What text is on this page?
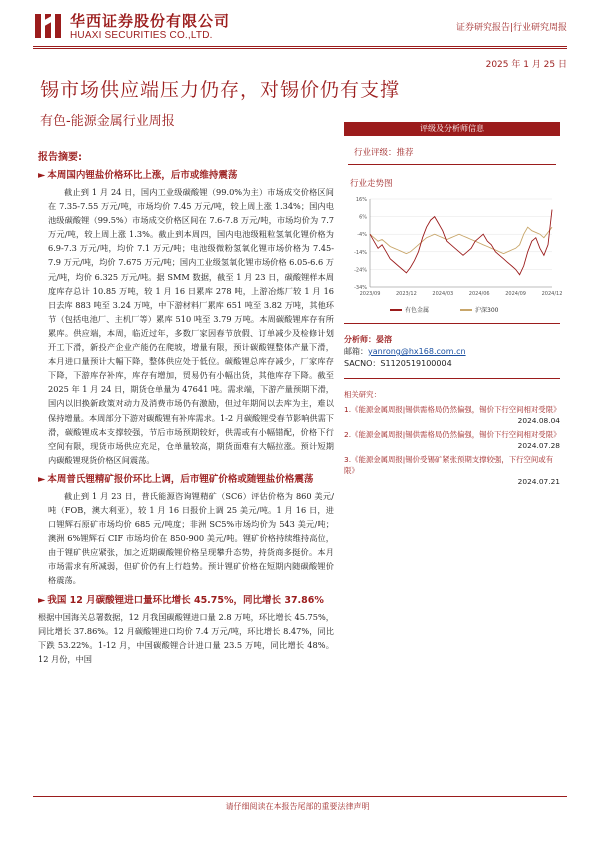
华西证券股份有限公司
HUAXI SECURITIES CO.,LTD.
证券研究报告|行业研究周报
2025 年 1 月 25 日
锡市场供应端压力仍存，对锡价仍有支撑
有色-能源金属行业周报
报告摘要:
► 本周国内锂盐价格环比上涨，后市或维持震荡

截止到 1 月 24 日，国内工业级碳酸锂（99.0%为主）市场成交价格区间在 7.35-7.55 万元/吨，市场均价 7.45 万元/吨，较上周上涨 1.34%；国内电池级碳酸锂（99.5%）市场成交价格区间在 7.6-7.8 万元/吨，市场均价为 7.7 万元/吨，较上周上涨 1.3%。截止到本周四，国内电池级粗粒氢氧化锂价格为 6.9-7.3 万元/吨，均价 7.1 万元/吨；电池级微粉氢氧化锂市场价格为 7.45-7.9 万元/吨，均价 7.675 万元/吨；国内工业级氢氧化锂市场价格 6.05-6.6 万元/吨，均价 6.325 万元/吨。据 SMM 数据，截至 1 月 23 日，碳酸锂样本周度库存总计 10.85 万吨，较 1 月 16 日累库 278 吨，上游冶炼厂较 1 月 16 日去库 883 吨至 3.24 万吨，中下游材料厂累库 651 吨至 3.82 万吨，其他环节（包括电池厂、主机厂等）累库 510 吨至 3.79 万吨。本周碳酸锂库存有所累库。供应端，本周，临近过年，多数厂家因春节放假、订单减少及检修计划开工下滑，新投产企业产能仍在爬坡，增量有限，预计碳酸锂整体产量下滑，本月进口量预计大幅下降，整体供应处于低位。碳酸锂总库存减少，厂家库存下降，下游库存补库，库存有增加，贸易仍有小幅出货，其他库存下降。截至 2025 年 1 月 24 日，期货仓单量为 47641 吨。需求端，下游产量预期下滑，国内以旧换新政策对动力及消费市场仍有激励，但过年期间以去库为主，难以保持增量。本周部分下游对碳酸锂有补库需求。1-2 月碳酸锂受春节影响供需下滑，碳酸锂成本支撑较强，节后市场预期较好，供需或有小幅错配，价格下行空间有限，现货市场供应充足，仓单量较高，期货面难有大幅拉涨。预计短期内碳酸锂现货价格区间震荡。

► 本周普氏锂精矿报价环比上调，后市锂矿价格或随锂盐价格震荡

截止到 1 月 23 日，普氏能源咨询锂精矿（SC6）评估价格为 860 美元/吨（FOB，澳大利亚），较 1 月 16 日报价上调 25 美元/吨。1 月 16 日，进口锂辉石原矿市场均价 685 元/吨度；非洲 SC5%市场均价为 543 美元/吨；澳洲 6%锂辉石 CIF 市场均价在 850-900 美元/吨。锂矿价格持续维持高位，由于锂矿供应紧张，加之近期碳酸锂价格呈现攀升态势，持货商多挺价。本月市场需求有所减弱，但矿价仍有上行趋势。预计锂矿价格在短期内随碳酸锂价格震荡。

► 我国 12 月碳酸锂进口量环比增长 45.75%，同比增长 37.86%

根据中国海关总署数据，12 月我国碳酸锂进口量 2.8 万吨，环比增长 45.75%，同比增长 37.86%。12 月碳酸锂进口均价 7.4 万元/吨，环比增长 8.47%，同比下跌 53.22%。1-12 月，中国碳酸锂合计进口量 23.5 万吨，同比增长 48%。12 月份，中国

评级及分析师信息
行业评级：推荐
行业走势图
16%
6%
-4%
-14%
-24%
-34%
2023/09	2023/12	2024/03	2024/06	2024/09	2024/12
有色金属	沪深300
分析师：晏溶
邮箱：yanrong@hx168.com.cn
SACNO：S1120519100004
相关研究：
1.《能源金属周报|锡供需格局仍然偏强，锡价下行空间相对受限》
2024.08.04
2.《能源金属周报|锡供需格局仍然偏强，锡价下行空间相对受限》
2024.07.28
3.《能源金属周报|锡价受锡矿紧张预期支撑较强，下行空间或有限》
2024.07.21
请仔细阅读在本报告尾部的重要法律声明
